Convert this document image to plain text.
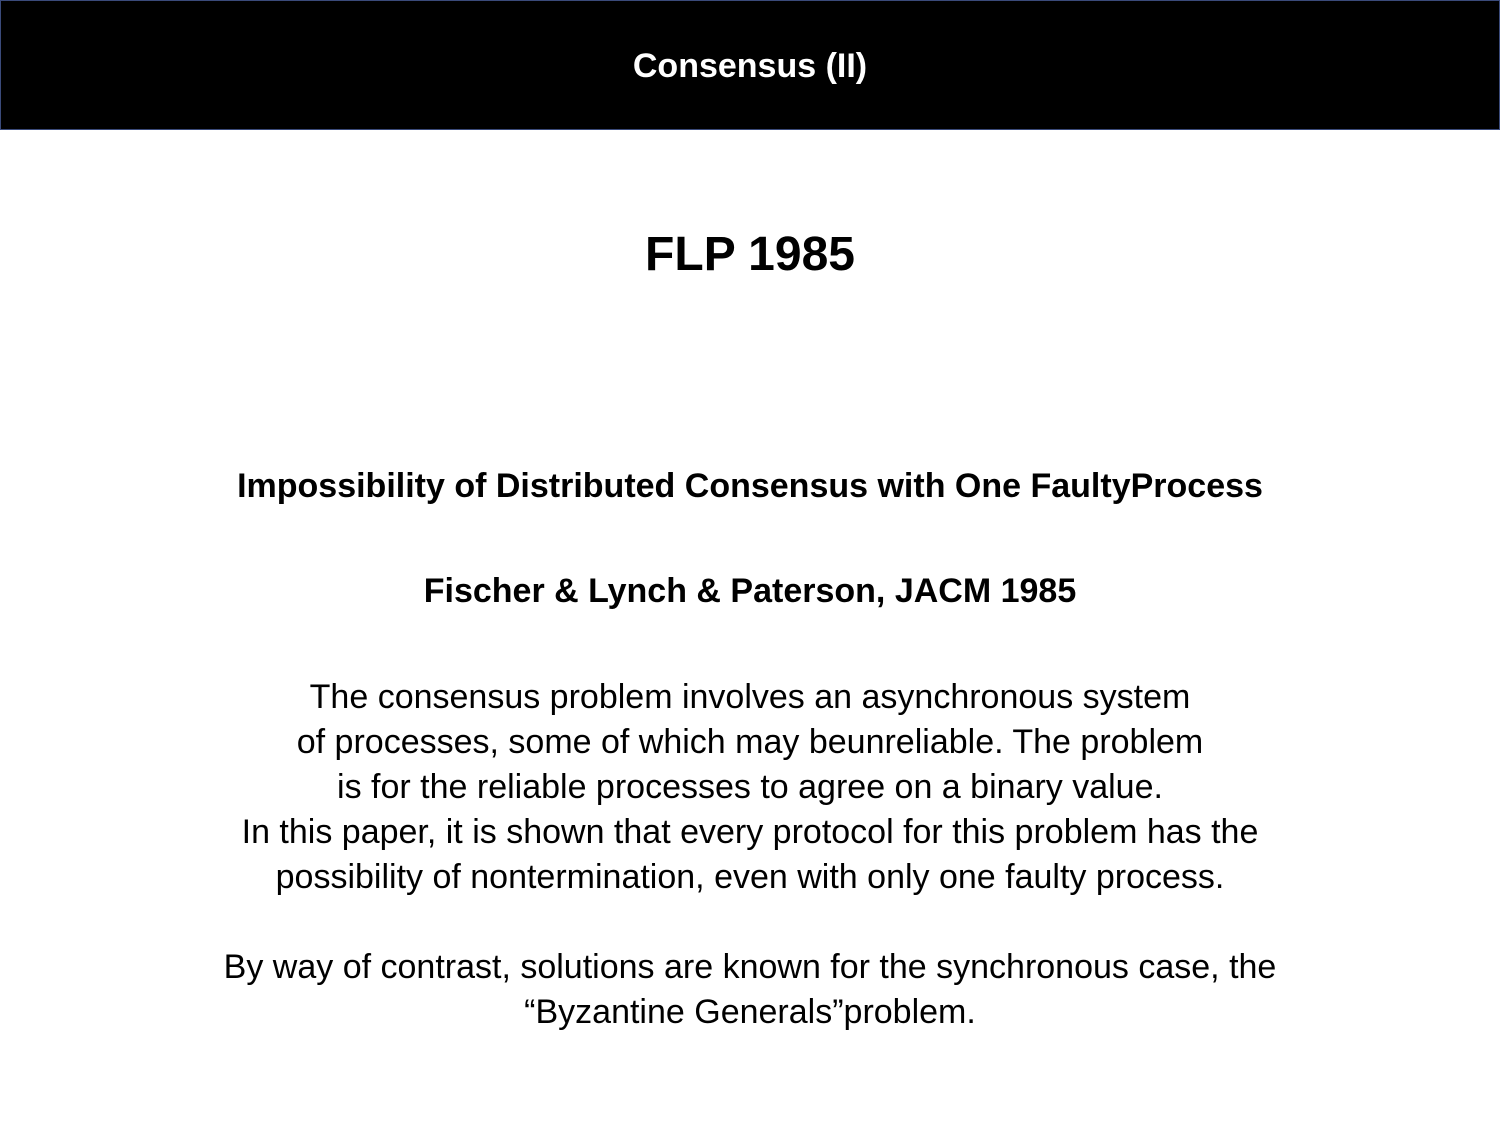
Consensus (II)
FLP 1985
Impossibility of Distributed Consensus with One FaultyProcess
Fischer & Lynch & Paterson, JACM 1985
The consensus problem involves an asynchronous system
of processes, some of which may beunreliable. The problem
is for the reliable processes to agree on a binary value.
In this paper, it is shown that every protocol for this problem has the
possibility of nontermination, even with only one faulty process.
By way of contrast, solutions are known for the synchronous case, the
“Byzantine Generals”problem.
